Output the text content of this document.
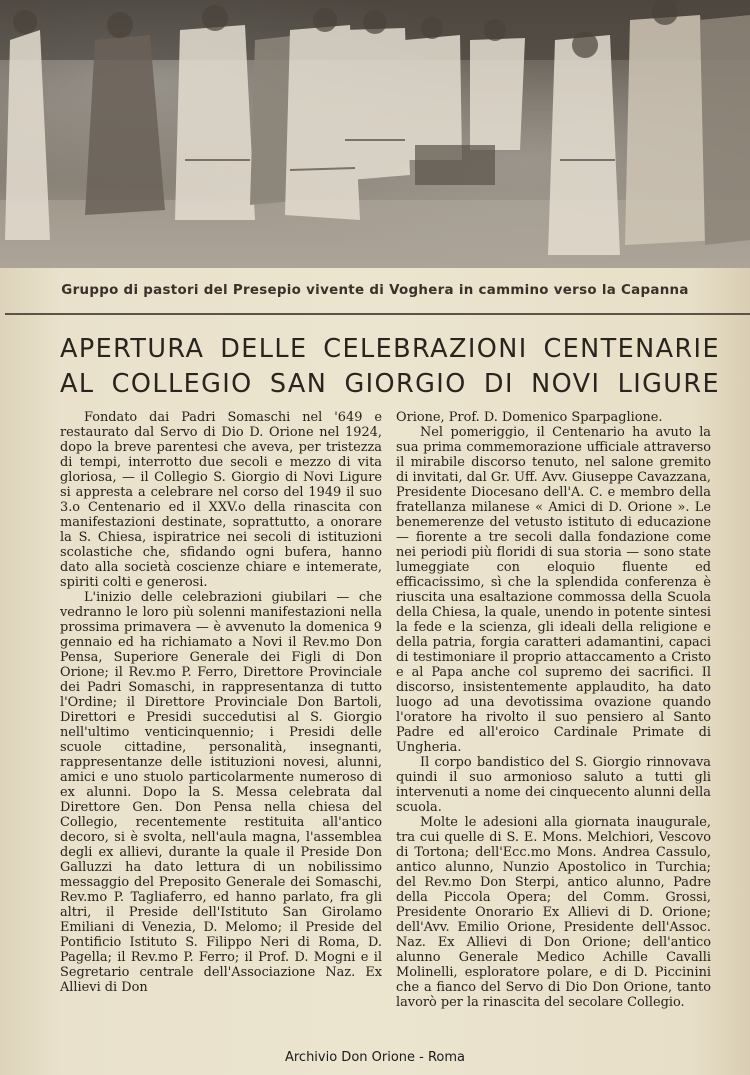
Gruppo di pastori del Presepio vivente di Voghera in cammino verso la Capanna
APERTURA DELLE CELEBRAZIONI CENTENARIE
AL COLLEGIO SAN GIORGIO DI NOVI LIGURE

Fondato dai Padri Somaschi nel '649 e restaurato dal Servo di Dio D. Orione nel 1924, dopo la breve parentesi che aveva, per tristezza di tempi, interrotto due secoli e mezzo di vita gloriosa, — il Collegio S. Giorgio di Novi Ligure si appresta a celebrare nel corso del 1949 il suo 3.o Centenario ed il XXV.o della rinascita con manifestazioni destinate, soprattutto, a onorare la S. Chiesa, ispiratrice nei secoli di istituzioni scolastiche che, sfidando ogni bufera, hanno dato alla società coscienze chiare e intemerate, spiriti colti e generosi.

L'inizio delle celebrazioni giubilari — che vedranno le loro più solenni manifestazioni nella prossima primavera — è avvenuto la domenica 9 gennaio ed ha richiamato a Novi il Rev.mo Don Pensa, Superiore Generale dei Figli di Don Orione; il Rev.mo P. Ferro, Direttore Provinciale dei Padri Somaschi, in rappresentanza di tutto l'Ordine; il Direttore Provinciale Don Bartoli, Direttori e Presidi succedutisi al S. Giorgio nell'ultimo venticinquennio; i Presidi delle scuole cittadine, personalità, insegnanti, rappresentanze delle istituzioni novesi, alunni, amici e uno stuolo particolarmente numeroso di ex alunni. Dopo la S. Messa celebrata dal Direttore Gen. Don Pensa nella chiesa del Collegio, recentemente restituita all'antico decoro, si è svolta, nell'aula magna, l'assemblea degli ex allievi, durante la quale il Preside Don Galluzzi ha dato lettura di un nobilissimo messaggio del Preposito Generale dei Somaschi, Rev.mo P. Tagliaferro, ed hanno parlato, fra gli altri, il Preside dell'Istituto San Girolamo Emiliani di Venezia, D. Melomo; il Preside del Pontificio Istituto S. Filippo Neri di Roma, D. Pagella; il Rev.mo P. Ferro; il Prof. D. Mogni e il Segretario centrale dell'Associazione Naz. Ex Allievi di Don

Orione, Prof. D. Domenico Sparpaglione.

Nel pomeriggio, il Centenario ha avuto la sua prima commemorazione ufficiale attraverso il mirabile discorso tenuto, nel salone gremito di invitati, dal Gr. Uff. Avv. Giuseppe Cavazzana, Presidente Diocesano dell'A. C. e membro della fratellanza milanese « Amici di D. Orione ». Le benemerenze del vetusto istituto di educazione — fiorente a tre secoli dalla fondazione come nei periodi più floridi di sua storia — sono state lumeggiate con eloquio fluente ed efficacissimo, sì che la splendida conferenza è riuscita una esaltazione commossa della Scuola della Chiesa, la quale, unendo in potente sintesi la fede e la scienza, gli ideali della religione e della patria, forgia caratteri adamantini, capaci di testimoniare il proprio attaccamento a Cristo e al Papa anche col supremo dei sacrifici. Il discorso, insistentemente applaudito, ha dato luogo ad una devotissima ovazione quando l'oratore ha rivolto il suo pensiero al Santo Padre ed all'eroico Cardinale Primate di Ungheria.

Il corpo bandistico del S. Giorgio rinnovava quindi il suo armonioso saluto a tutti gli intervenuti a nome dei cinquecento alunni della scuola.

Molte le adesioni alla giornata inaugurale, tra cui quelle di S. E. Mons. Melchiori, Vescovo di Tortona; dell'Ecc.mo Mons. Andrea Cassulo, antico alunno, Nunzio Apostolico in Turchia; del Rev.mo Don Sterpi, antico alunno, Padre della Piccola Opera; del Comm. Grossi, Presidente Onorario Ex Allievi di D. Orione; dell'Avv. Emilio Orione, Presidente dell'Assoc. Naz. Ex Allievi di Don Orione; dell'antico alunno Generale Medico Achille Cavalli Molinelli, esploratore polare, e di D. Piccinini che a fianco del Servo di Dio Don Orione, tanto lavorò per la rinascita del secolare Collegio.

Archivio Don Orione - Roma
